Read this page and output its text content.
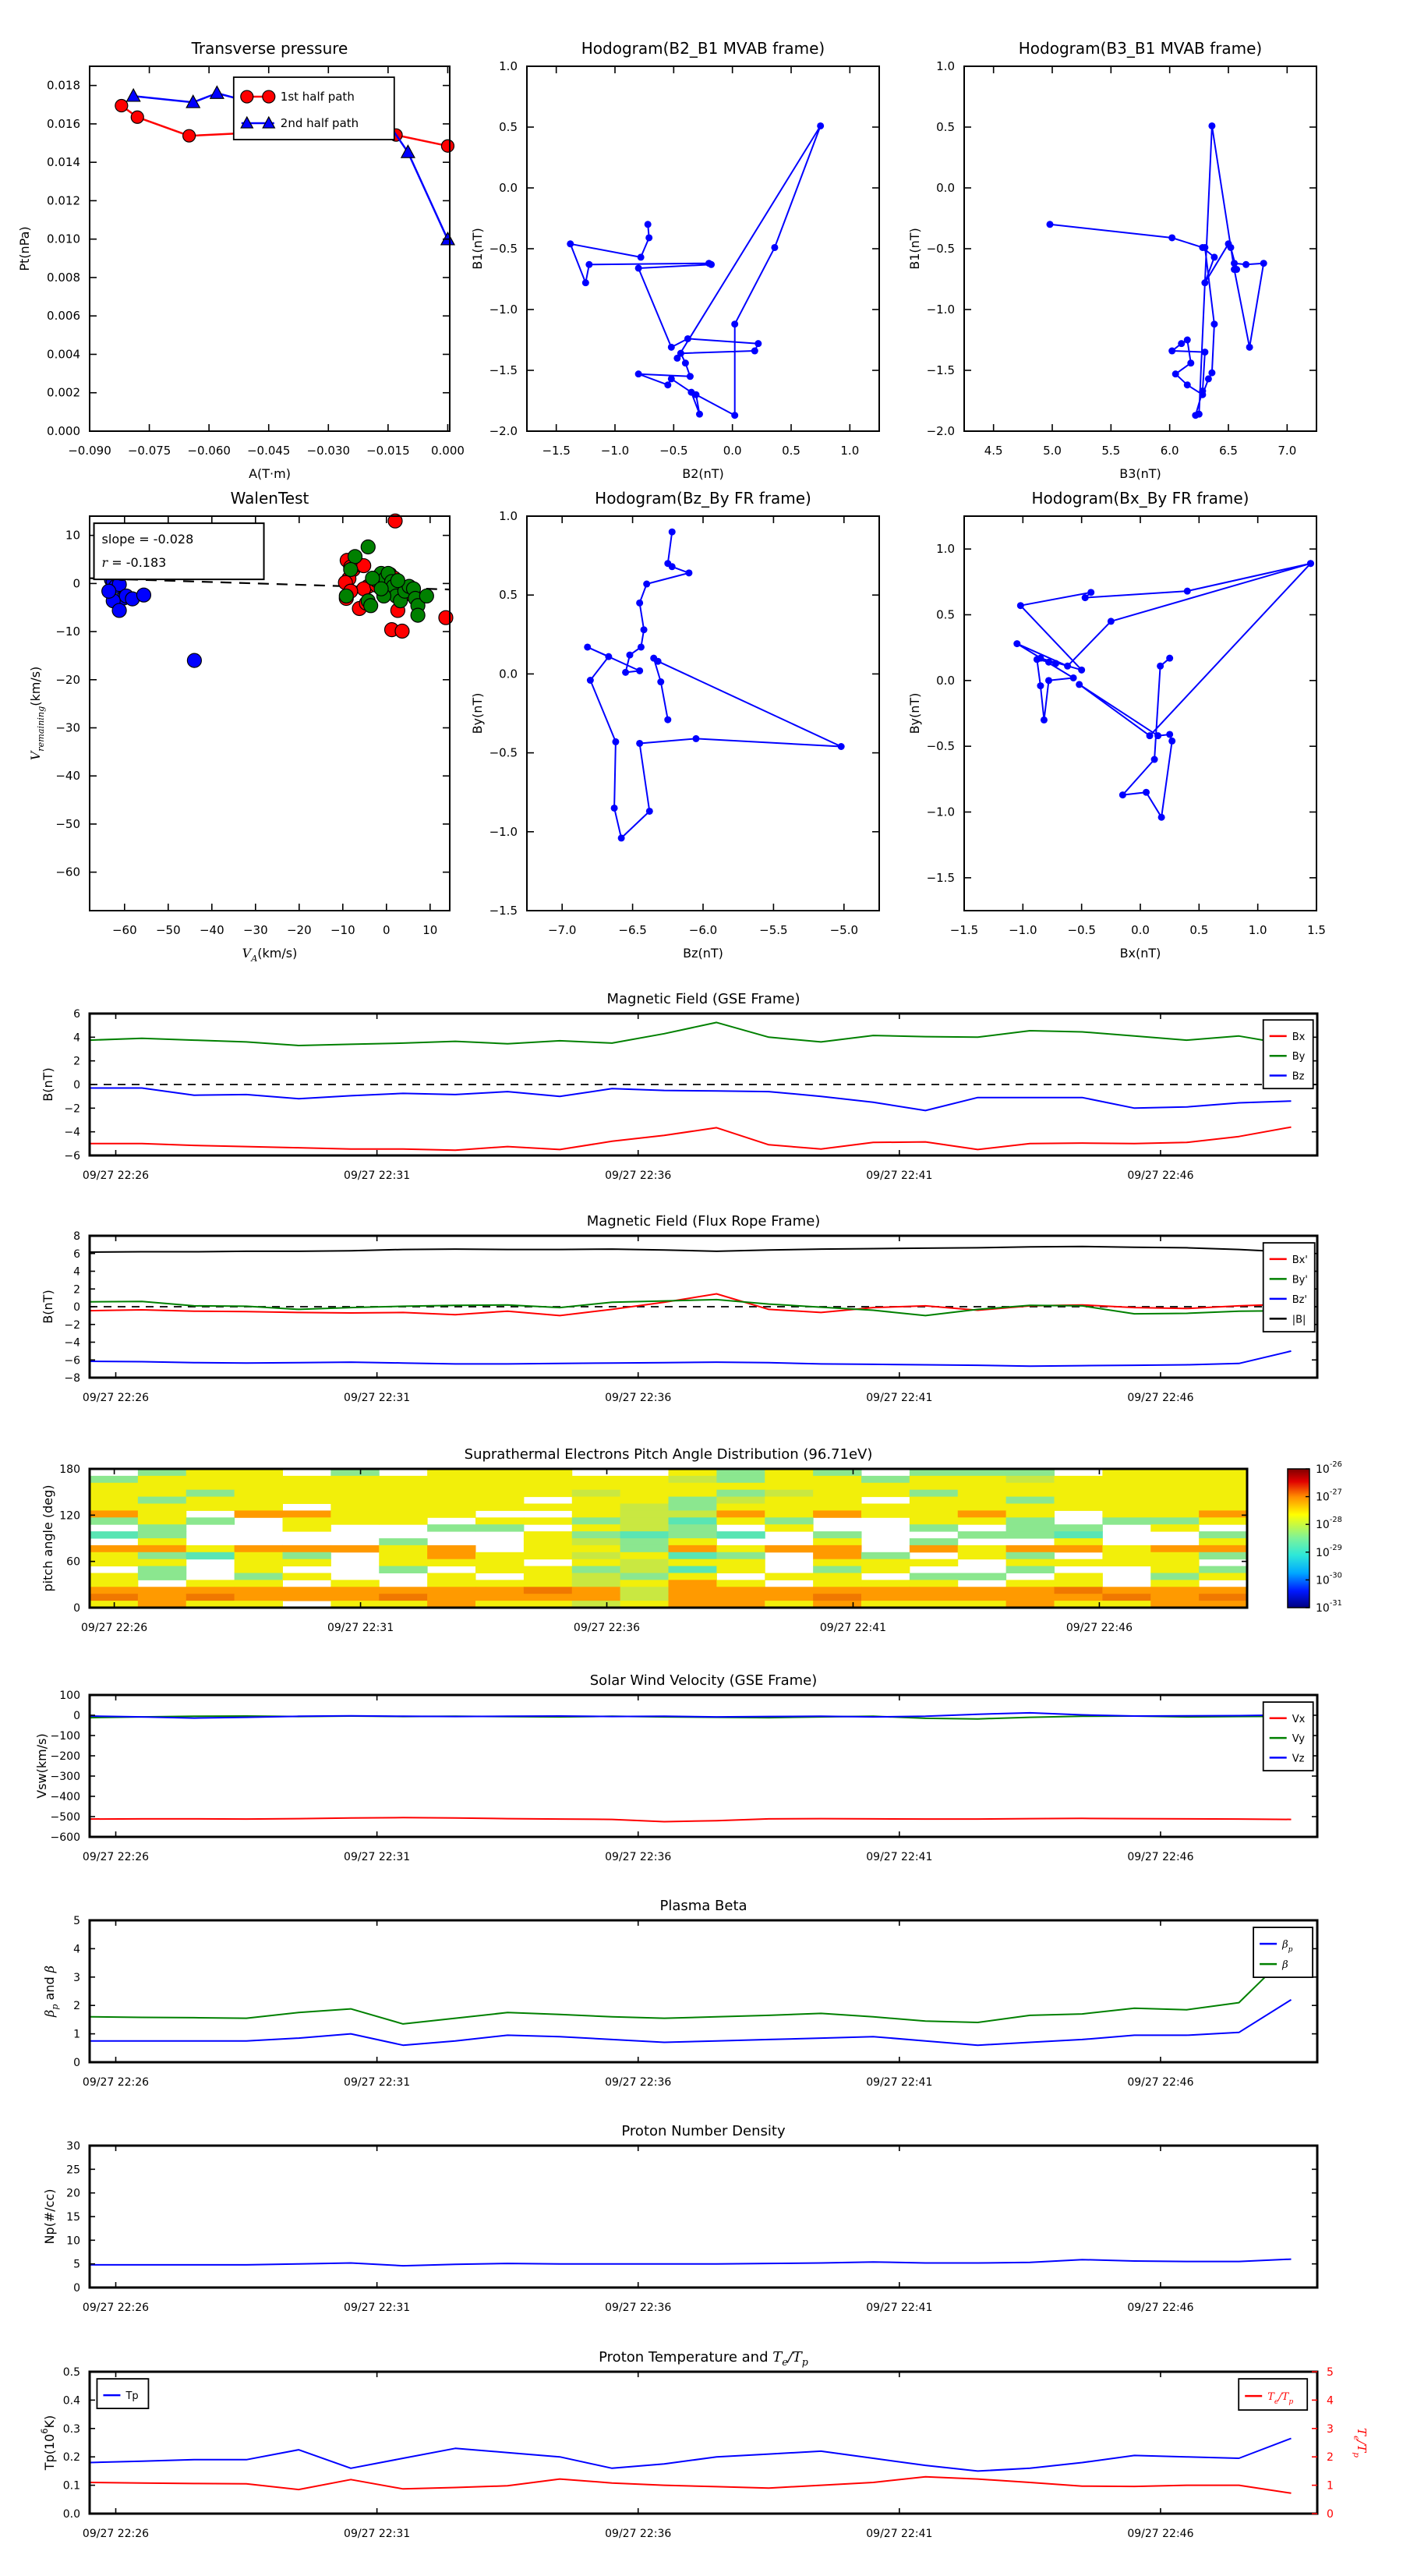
−0.090 −0.075 −0.060 −0.045 −0.030 −0.015 0.000
0.000
0.002
0.004
0.006
0.008
0.010
0.012
0.014
0.016
0.018
Transverse pressure
A(T·m)
Pt(nPa)
1st half path
2nd half path
−1.5	−1.0	−0.5	0.0	0.5	1.0
−2.0
−1.5
−1.0
−0.5
0.0
0.5
1.0
Hodogram(B2_B1 MVAB frame)
B2(nT)
B1(nT)
4.5	5.0	5.5	6.0	6.5	7.0
−2.0
−1.5
−1.0
−0.5
0.0
0.5
1.0
Hodogram(B3_B1 MVAB frame)
B3(nT)
B1(nT)
−60 −50 −40 −30 −20 −10 0	10
−60
−50
−40
−30
−20
−10
0
10
WalenTest
$V_A(km/s)$
$V_{remaining}(km/s)$
slope = -0.028
r = -0.183
−7.0	−6.5	−6.0	−5.5	−5.0
−1.5
−1.0
−0.5
0.0
0.5
1.0
Hodogram(Bz_By FR frame)
Bz(nT)
By(nT)
−1.5	−1.0	−0.5	0.0	0.5	1.0	1.5
−1.5
−1.0
−0.5
0.0
0.5
1.0
Hodogram(Bx_By FR frame)
Bx(nT)
By(nT)
09/27 22:26	09/27 22:31	09/27 22:36	09/27 22:41	09/27 22:46
−6
−4
−2
0
2
4
6
Magnetic Field (GSE Frame)
B(nT)
Bx
By
Bz
09/27 22:26	09/27 22:31	09/27 22:36	09/27 22:41	09/27 22:46
−8
−6
−4
−2
0
2
4
6
8
Magnetic Field (Flux Rope Frame)
B(nT)
Bx'
By'
Bz'
|B|
09/27 22:26	09/27 22:31	09/27 22:36	09/27 22:41	09/27 22:46
0
60
120
180
Suprathermal Electrons Pitch Angle Distribution (96.71eV)
pitch angle (deg)
$10^{-26}$
$10^{-27}$
$10^{-28}$
$10^{-29}$
$10^{-30}$
$10^{-31}$
09/27 22:26	09/27 22:31	09/27 22:36	09/27 22:41	09/27 22:46
−600
−500
−400
−300
−200
−100
0
100
Solar Wind Velocity (GSE Frame)
Vsw(km/s)
Vx
Vy
Vz
09/27 22:26	09/27 22:31	09/27 22:36	09/27 22:41	09/27 22:46
0
1
2
3
4
5
Plasma Beta
$\beta_p$ and β
$\beta_p$
β
09/27 22:26	09/27 22:31	09/27 22:36	09/27 22:41	09/27 22:46
0
5
10
15
20
25
30
Proton Number Density
Np(#/cc)
09/27 22:26	09/27 22:31	09/27 22:36	09/27 22:41	09/27 22:46
0.0
0.1
0.2
0.3
0.4
0.5
Proton Temperature and $T_e/T_p$
$Tp(10^6K)$
0
1
2
3
4
5
$T_e/T_p$
Tp	$T_e/T_p$
